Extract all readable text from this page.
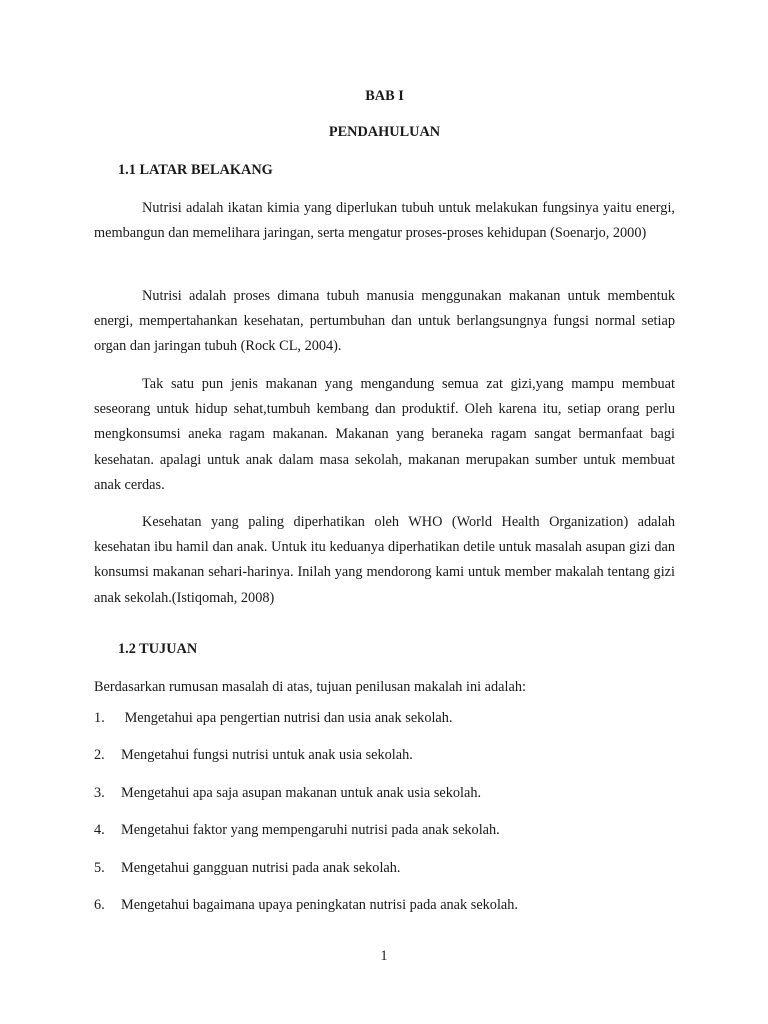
BAB I

PENDAHULUAN

1.1 LATAR BELAKANG

Nutrisi adalah ikatan kimia yang diperlukan tubuh untuk melakukan fungsinya yaitu energi, membangun dan memelihara jaringan, serta mengatur proses-proses kehidupan (Soenarjo, 2000)

Nutrisi adalah proses dimana tubuh manusia menggunakan makanan untuk membentuk energi, mempertahankan kesehatan, pertumbuhan dan untuk berlangsungnya fungsi normal setiap organ dan jaringan tubuh (Rock CL, 2004).

Tak satu pun jenis makanan yang mengandung semua zat gizi,yang mampu membuat seseorang untuk hidup sehat,tumbuh kembang dan produktif. Oleh karena itu, setiap orang perlu mengkonsumsi aneka ragam makanan. Makanan yang beraneka ragam sangat bermanfaat bagi kesehatan. apalagi untuk anak dalam masa sekolah, makanan merupakan sumber untuk membuat anak cerdas.

Kesehatan yang paling diperhatikan oleh WHO (World Health Organization) adalah kesehatan ibu hamil dan anak. Untuk itu keduanya diperhatikan detile untuk masalah asupan gizi dan konsumsi makanan sehari-harinya. Inilah yang mendorong kami untuk member makalah tentang gizi anak sekolah.(Istiqomah, 2008)

1.2 TUJUAN

Berdasarkan rumusan masalah di atas, tujuan penilusan makalah ini adalah:

1.	Mengetahui apa pengertian nutrisi dan usia anak sekolah.
2.	Mengetahui fungsi nutrisi untuk anak usia sekolah.
3.	Mengetahui apa saja asupan makanan untuk anak usia sekolah.
4.	Mengetahui faktor yang mempengaruhi nutrisi pada anak sekolah.
5.	Mengetahui gangguan nutrisi pada anak sekolah.
6.	Mengetahui bagaimana upaya peningkatan nutrisi pada anak sekolah.

1
